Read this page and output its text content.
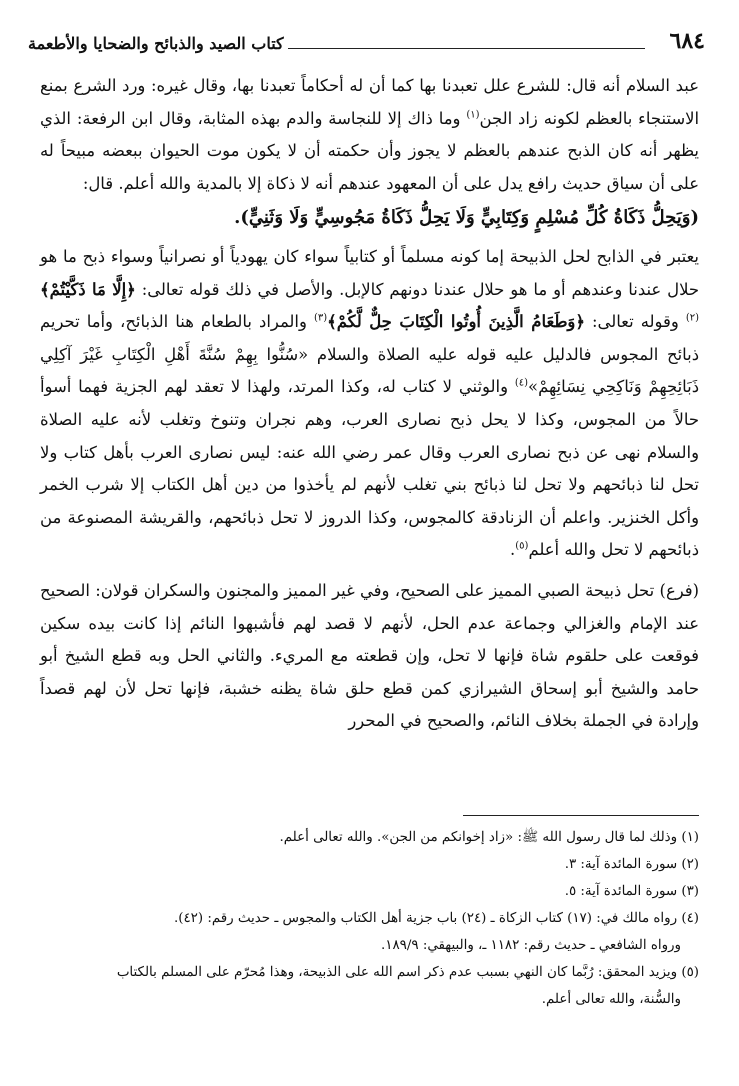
٦٨٤
كتاب الصيد والذبائح والضحايا والأطعمة

عبد السلام أنه قال: للشرع علل تعبدنا بها كما أن له أحكاماً تعبدنا بها، وقال غيره: ورد الشرع بمنع الاستنجاء بالعظم لكونه زاد الجن$^{(١)}$ وما ذاك إلا للنجاسة والدم بهذه المثابة، وقال ابن الرفعة: الذي يظهر أنه كان الذبح عندهم بالعظم لا يجوز وأن حكمته أن لا يكون موت الحيوان ببعضه مبيحاً له على أن سياق حديث رافع يدل على أن المعهود عندهم أنه لا ذكاة إلا بالمدية والله أعلم. قال:

(وَيَحِلُّ ذَكَاةُ كُلِّ مُسْلِمٍ وَكِتَابِيٍّ وَلَا يَحِلُّ ذَكَاةُ مَجُوسِيٍّ وَلَا وَثَنِيٍّ).

يعتبر في الذابح لحل الذبيحة إما كونه مسلماً أو كتابياً سواء كان يهودياً أو نصرانياً وسواء ذبح ما هو حلال عندنا وعندهم أو ما هو حلال عندنا دونهم كالإبل. والأصل في ذلك قوله تعالى: ﴿إِلَّا مَا ذَكَّيْتُمْ﴾$^{(٢)}$ وقوله تعالى: ﴿وَطَعَامُ الَّذِينَ أُوتُوا الْكِتَابَ حِلٌّ لَّكُمْ﴾$^{(٣)}$ والمراد بالطعام هنا الذبائح، وأما تحريم ذبائح المجوس فالدليل عليه قوله عليه الصلاة والسلام «سُنُّوا بِهِمْ سُنَّةَ أَهْلِ الْكِتَابِ غَيْرَ آكِلِي ذَبَائِحِهِمْ وَنَاكِحِي نِسَائِهِمْ»$^{(٤)}$ والوثني لا كتاب له، وكذا المرتد، ولهذا لا تعقد لهم الجزية فهما أسوأ حالاً من المجوس، وكذا لا يحل ذبح نصارى العرب، وهم نجران وتنوخ وتغلب لأنه عليه الصلاة والسلام نهى عن ذبح نصارى العرب وقال عمر رضي الله عنه: ليس نصارى العرب بأهل كتاب ولا تحل لنا ذبائحهم ولا تحل لنا ذبائح بني تغلب لأنهم لم يأخذوا من دين أهل الكتاب إلا شرب الخمر وأكل الخنزير. واعلم أن الزنادقة كالمجوس، وكذا الدروز لا تحل ذبائحهم، والقريشة المصنوعة من ذبائحهم لا تحل والله أعلم$^{(٥)}$.

(فرع) تحل ذبيحة الصبي المميز على الصحيح، وفي غير المميز والمجنون والسكران قولان: الصحيح عند الإمام والغزالي وجماعة عدم الحل، لأنهم لا قصد لهم فأشبهوا النائم إذا كانت بيده سكين فوقعت على حلقوم شاة فإنها لا تحل، وإن قطعته مع المريء. والثاني الحل وبه قطع الشيخ أبو حامد والشيخ أبو إسحاق الشيرازي كمن قطع حلق شاة يظنه خشبة، فإنها تحل لأن لهم قصداً وإرادة في الجملة بخلاف النائم، والصحيح في المحرر

(١) وذلك لما قال رسول الله ﷺ: «زاد إخوانكم من الجن». والله تعالى أعلم.

(٢) سورة المائدة آية: ٣.

(٣) سورة المائدة آية: ٥.

(٤) رواه مالك في: (١٧) كتاب الزكاة ـ (٢٤) باب جزية أهل الكتاب والمجوس ـ حديث رقم: (٤٢).

ورواه الشافعي ـ حديث رقم: ١١٨٢ ـ، والبيهقي: ١٨٩/٩.

(٥) ويزيد المحقق: رُبَّما كان النهي بسبب عدم ذكر اسم الله على الذبيحة، وهذا مُحرّم على المسلم بالكتاب

والسُّنة، والله تعالى أعلم.
